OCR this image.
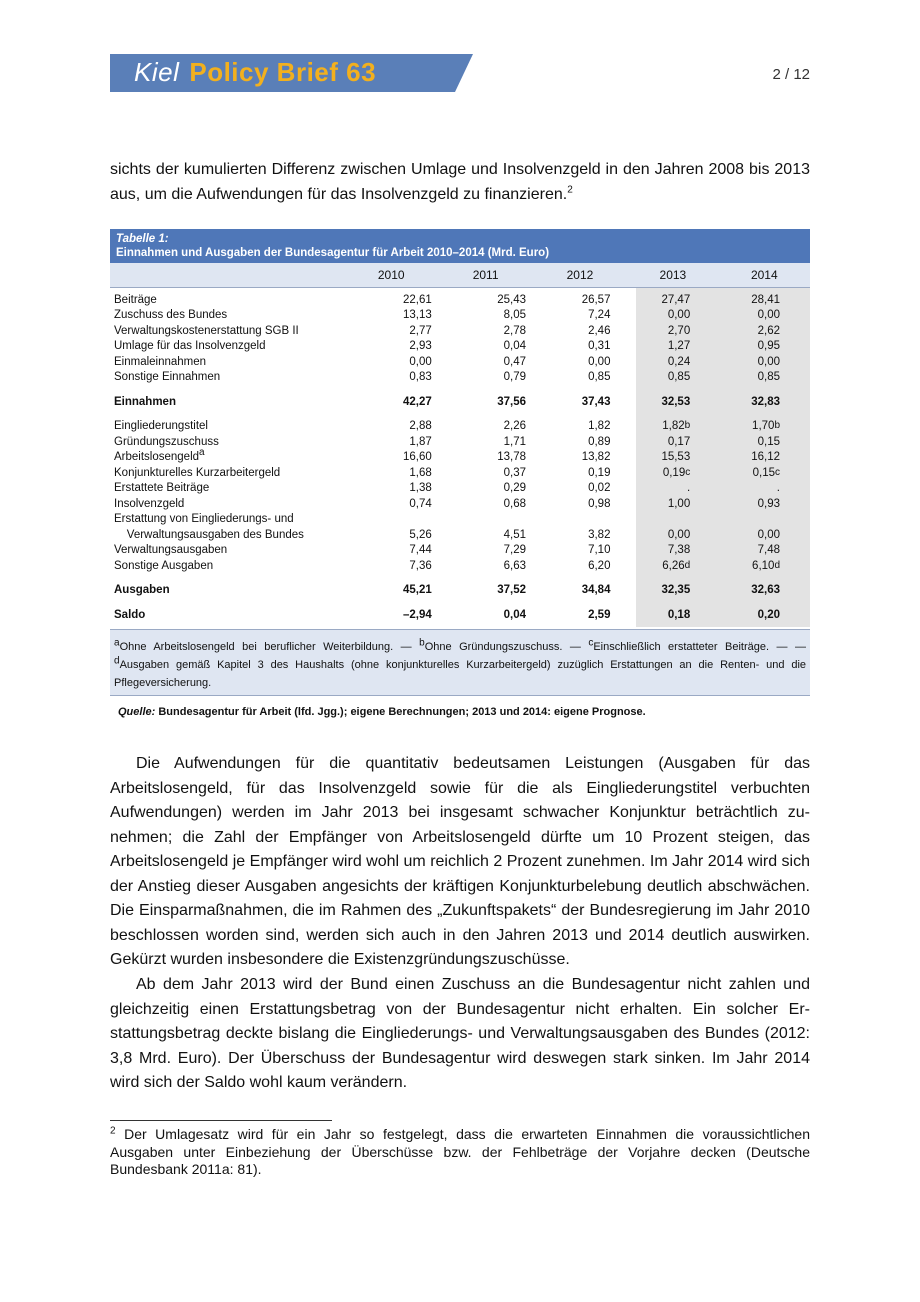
Kiel Policy Brief 63	2 / 12
sichts der kumulierten Differenz zwischen Umlage und Insolvenzgeld in den Jahren 2008 bis 2013 aus, um die Aufwendungen für das Insolvenzgeld zu finanzieren.$^2$
Tabelle 1:
Einnahmen und Ausgaben der Bundesagentur für Arbeit 2010–2014 (Mrd. Euro)
2010	2011	2012	2013	2014
Beiträge	22,61	25,43	26,57	27,47	28,41
Zuschuss des Bundes	13,13	8,05	7,24	0,00	0,00
Verwaltungskostenerstattung SGB II	2,77	2,78	2,46	2,70	2,62
Umlage für das Insolvenzgeld	2,93	0,04	0,31	1,27	0,95
Einmaleinnahmen	0,00	0,47	0,00	0,24	0,00
Sonstige Einnahmen	0,83	0,79	0,85	0,85	0,85
Einnahmen	42,27	37,56	37,43	32,53	32,83
Eingliederungstitel	2,88	2,26	1,82	1,82 b	1,70 b
Gründungszuschuss	1,87	1,71	0,89	0,17	0,15
Arbeitslosengeld$^a$	16,60	13,78	13,82	15,53	16,12
Konjunkturelles Kurzarbeitergeld	1,68	0,37	0,19	0,19 c	0,15 c
Erstattete Beiträge	1,38	0,29	0,02	.	.
Insolvenzgeld	0,74	0,68	0,98	1,00	0,93
Erstattung von Eingliederungs- und
Verwaltungsausgaben des Bundes	5,26	4,51	3,82	0,00	0,00
Verwaltungsausgaben	7,44	7,29	7,10	7,38	7,48
Sonstige Ausgaben	7,36	6,63	6,20	6,26 d	6,10 d
Ausgaben	45,21	37,52	34,84	32,35	32,63
Saldo	–2,94	0,04	2,59	0,18	0,20
$^a$Ohne Arbeitslosengeld bei beruflicher Weiterbildung. — $^b$Ohne Gründungszuschuss. — $^c$Einschließlich erstatteter Beiträge. — — $^d$Ausgaben gemäß Kapitel 3 des Haushalts (ohne konjunkturelles Kurzarbeitergeld) zuzüglich Erstattungen an die Renten- und die Pflegeversicherung.
Quelle: Bundesagentur für Arbeit (lfd. Jgg.); eigene Berechnungen; 2013 und 2014: eigene Prognose.
Die Aufwendungen für die quantitativ bedeutsamen Leistungen (Ausgaben für das Arbeitslosengeld, für das Insolvenzgeld sowie für die als Eingliederungstitel verbuchten Aufwendungen) werden im Jahr 2013 bei insgesamt schwacher Konjunktur beträchtlich zunehmen; die Zahl der Empfänger von Arbeitslosengeld dürfte um 10 Prozent steigen, das Arbeitslosengeld je Empfänger wird wohl um reichlich 2 Prozent zunehmen. Im Jahr 2014 wird sich der Anstieg dieser Ausgaben angesichts der kräftigen Konjunkturbelebung deutlich abschwächen. Die Einsparmaßnahmen, die im Rahmen des „Zukunftspakets“ der Bundesregierung im Jahr 2010 beschlossen worden sind, werden sich auch in den Jahren 2013 und 2014 deutlich auswirken. Gekürzt wurden insbesondere die Existenzgründungszuschüsse.
Ab dem Jahr 2013 wird der Bund einen Zuschuss an die Bundesagentur nicht zahlen und gleichzeitig einen Erstattungsbetrag von der Bundesagentur nicht erhalten. Ein solcher Erstattungsbetrag deckte bislang die Eingliederungs- und Verwaltungsausgaben des Bundes (2012: 3,8 Mrd. Euro). Der Überschuss der Bundesagentur wird deswegen stark sinken. Im Jahr 2014 wird sich der Saldo wohl kaum verändern.
$^2$ Der Umlagesatz wird für ein Jahr so festgelegt, dass die erwarteten Einnahmen die voraussichtlichen Ausgaben unter Einbeziehung der Überschüsse bzw. der Fehlbeträge der Vorjahre decken (Deutsche Bundesbank 2011a: 81).
